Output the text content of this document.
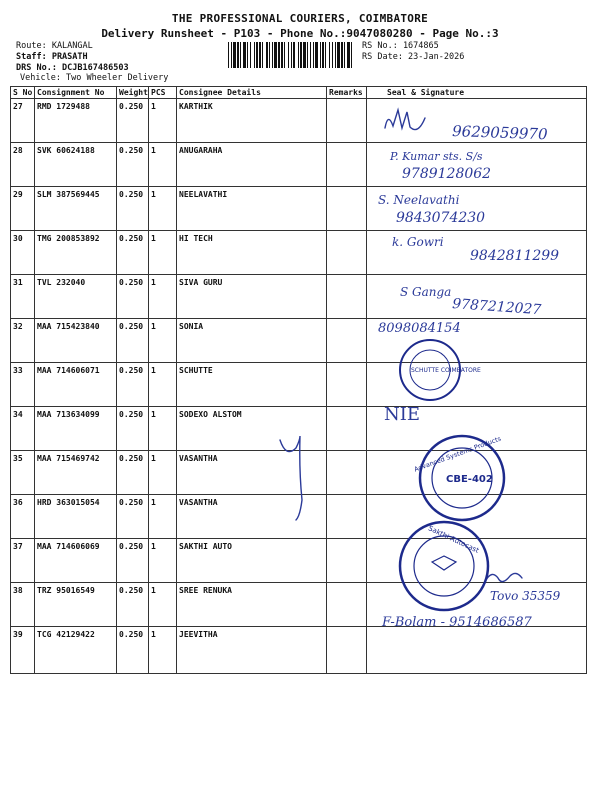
THE PROFESSIONAL COURIERS, COIMBATORE
Delivery Runsheet - P103 - Phone No.:9047080280 - Page No.:3
Route: KALANGAL
Staff: PRASATH
DRS No.: DCJB167486503
Vehicle: Two Wheeler Delivery
RS No.: 1674865
RS Date: 23-Jan-2026
S No	Consignment No	Weight	PCS	Consignee Details	Remarks	Seal & Signature
27	RMD 1729488	0.250	1	KARTHIK		
28	SVK 60624188	0.250	1	ANUGARAHA		
29	SLM 387569445	0.250	1	NEELAVATHI		
30	TMG 200853892	0.250	1	HI TECH		
31	TVL 232040	0.250	1	SIVA GURU		
32	MAA 715423840	0.250	1	SONIA		
33	MAA 714606071	0.250	1	SCHUTTE		
34	MAA 713634099	0.250	1	SODEXO ALSTOM		
35	MAA 715469742	0.250	1	VASANTHA		
36	HRD 363015054	0.250	1	VASANTHA		
37	MAA 714606069	0.250	1	SAKTHI AUTO		
38	TRZ 95016549	0.250	1	SREE RENUKA		
39	TCG 42129422	0.250	1	JEEVITHA		
9629059970
P. Kumar sts. S/s
9789128062
S. Neelavathi
9843074230
k. Gowri
9842811299
S Ganga
9787212027
8098084154
NIE
Tovo 35359
F-Bolam - 9514686587
SCHUTTE COIMBATORE
Advanced Systems Products
CBE-402
Sakthi Autocast
